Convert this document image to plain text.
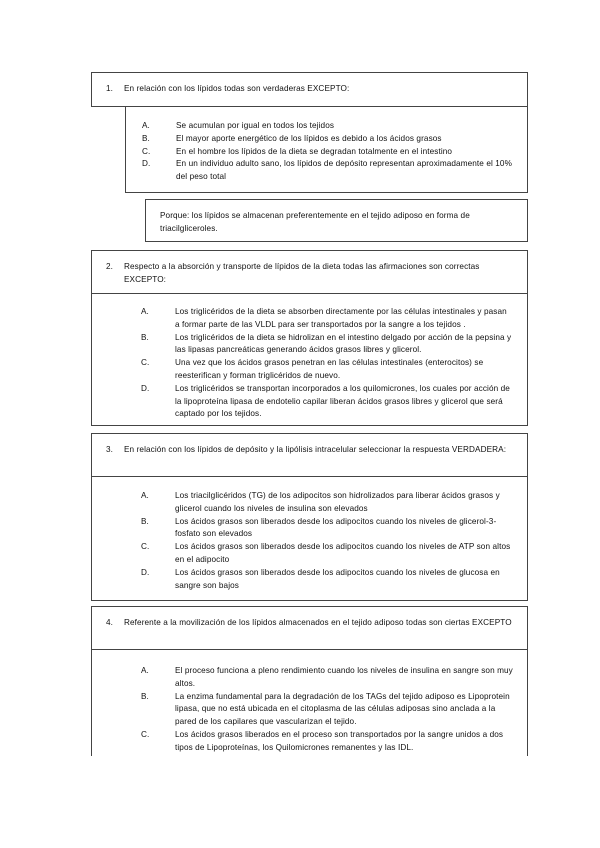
1. En relación con los lípidos todas son verdaderas EXCEPTO:
A.	Se acumulan por igual en todos los tejidos
B.	El mayor aporte energético de los lípidos es debido a los ácidos grasos
C.	En el hombre los lípidos de la dieta se degradan totalmente en el intestino
D.	En un individuo adulto sano, los lípidos de depósito representan aproximadamente el 10% del peso total
Porque: los lípidos se almacenan preferentemente en el tejido adiposo en forma de triacilgliceroles.
2. Respecto a la absorción y transporte de lípidos de la dieta todas las afirmaciones son correctas EXCEPTO:
A.	Los triglicéridos de la dieta se absorben directamente por las células intestinales y pasan a formar parte de las VLDL para ser transportados por la sangre a los tejidos .
B.	Los triglicéridos de la dieta se hidrolizan en el intestino delgado por acción de la pepsina y las lipasas pancreáticas generando ácidos grasos libres y glicerol.
C.	Una vez que los ácidos grasos penetran en las células intestinales (enterocitos) se reesterifican y forman triglicéridos de nuevo.
D.	Los triglicéridos se transportan incorporados a los quilomicrones, los cuales por acción de la lipoproteína lipasa de endotelio capilar liberan ácidos grasos libres y glicerol que será captado por los tejidos.
3. En relación con los lípidos de depósito y la lipólisis intracelular seleccionar la respuesta VERDADERA:
A.	Los triacilglicéridos (TG) de los adipocitos son hidrolizados para liberar ácidos grasos y glicerol cuando los niveles de insulina son elevados
B.	Los ácidos grasos son liberados desde los adipocitos cuando los niveles de glicerol-3-fosfato son elevados
C.	Los ácidos grasos son liberados desde los adipocitos cuando los niveles de ATP son altos en el adipocito
D.	Los ácidos grasos son liberados desde los adipocitos cuando los niveles de glucosa en sangre son bajos
4. Referente a la movilización de los lípidos almacenados en el tejido adiposo todas son ciertas EXCEPTO
A.	El proceso funciona a pleno rendimiento cuando los niveles de insulina en sangre son muy altos.
B.	La enzima fundamental para la degradación de los TAGs del tejido adiposo es Lipoprotein lipasa, que no está ubicada en el citoplasma de las células adiposas sino anclada a la pared de los capilares que vascularizan el tejido.
C.	Los ácidos grasos liberados en el proceso son transportados por la sangre unidos a dos tipos de Lipoproteínas, los Quilomicrones remanentes y las IDL.
